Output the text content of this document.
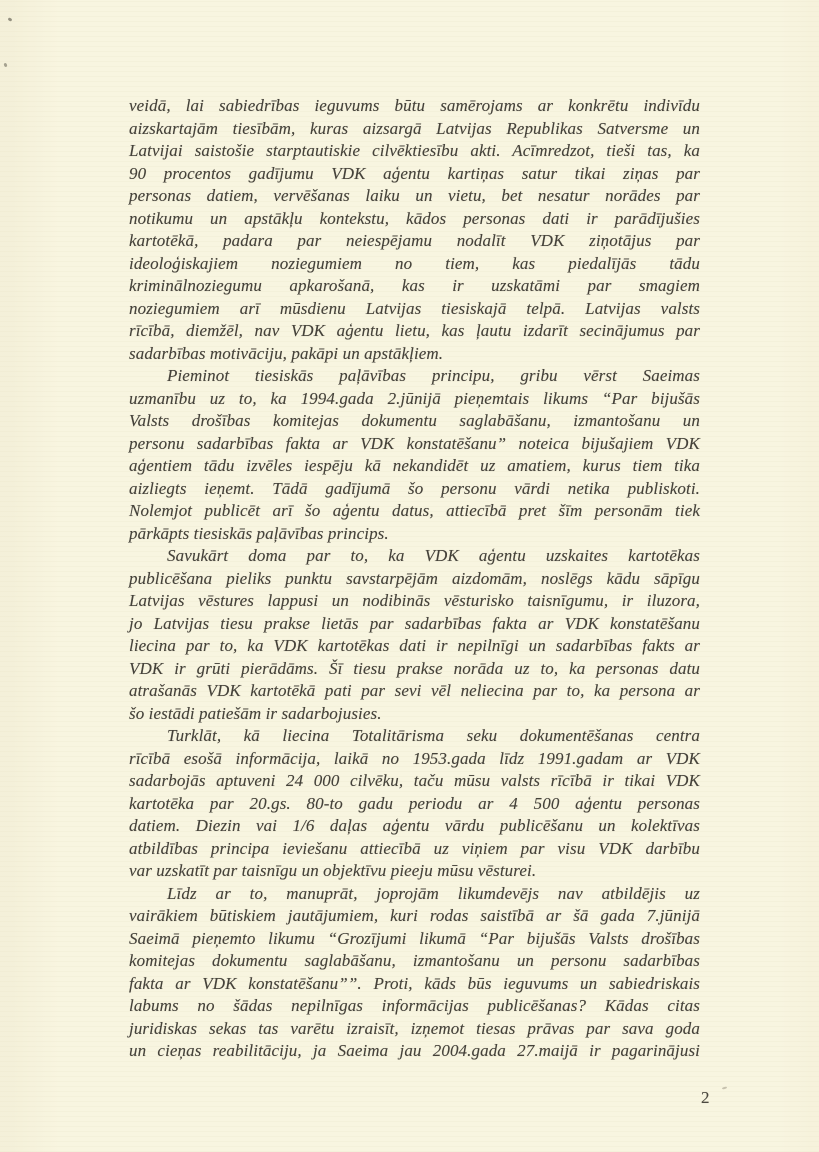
veidā, lai sabiedrības ieguvums būtu samērojams ar konkrētu indivīdu
aizskartajām tiesībām, kuras aizsargā Latvijas Republikas Satversme un
Latvijai saistošie starptautiskie cilvēktiesību akti. Acīmredzot, tieši tas, ka
90 procentos gadījumu VDK aģentu kartiņas satur tikai ziņas par
personas datiem, vervēšanas laiku un vietu, bet nesatur norādes par
notikumu un apstākļu kontekstu, kādos personas dati ir parādījušies
kartotēkā, padara par neiespējamu nodalīt VDK ziņotājus par
ideoloģiskajiem noziegumiem no tiem, kas piedalījās tādu
kriminālnoziegumu apkarošanā, kas ir uzskatāmi par smagiem
noziegumiem arī mūsdienu Latvijas tiesiskajā telpā. Latvijas valsts
rīcībā, diemžēl, nav VDK aģentu lietu, kas ļautu izdarīt secinājumus par
sadarbības motivāciju, pakāpi un apstākļiem.
Pieminot tiesiskās paļāvības principu, gribu vērst Saeimas
uzmanību uz to, ka 1994.gada 2.jūnijā pieņemtais likums “Par bijušās
Valsts drošības komitejas dokumentu saglabāšanu, izmantošanu un
personu sadarbības fakta ar VDK konstatēšanu” noteica bijušajiem VDK
aģentiem tādu izvēles iespēju kā nekandidēt uz amatiem, kurus tiem tika
aizliegts ieņemt. Tādā gadījumā šo personu vārdi netika publiskoti.
Nolemjot publicēt arī šo aģentu datus, attiecībā pret šīm personām tiek
pārkāpts tiesiskās paļāvības princips.
Savukārt doma par to, ka VDK aģentu uzskaites kartotēkas
publicēšana pieliks punktu savstarpējām aizdomām, noslēgs kādu sāpīgu
Latvijas vēstures lappusi un nodibinās vēsturisko taisnīgumu, ir iluzora,
jo Latvijas tiesu prakse lietās par sadarbības fakta ar VDK konstatēšanu
liecina par to, ka VDK kartotēkas dati ir nepilnīgi un sadarbības fakts ar
VDK ir grūti pierādāms. Šī tiesu prakse norāda uz to, ka personas datu
atrašanās VDK kartotēkā pati par sevi vēl neliecina par to, ka persona ar
šo iestādi patiešām ir sadarbojusies.
Turklāt, kā liecina Totalitārisma seku dokumentēšanas centra
rīcībā esošā informācija, laikā no 1953.gada līdz 1991.gadam ar VDK
sadarbojās aptuveni 24 000 cilvēku, taču mūsu valsts rīcībā ir tikai VDK
kartotēka par 20.gs. 80-to gadu periodu ar 4 500 aģentu personas
datiem. Diezin vai 1/6 daļas aģentu vārdu publicēšanu un kolektīvas
atbildības principa ieviešanu attiecībā uz viņiem par visu VDK darbību
var uzskatīt par taisnīgu un objektīvu pieeju mūsu vēsturei.
Līdz ar to, manuprāt, joprojām likumdevējs nav atbildējis uz
vairākiem būtiskiem jautājumiem, kuri rodas saistībā ar šā gada 7.jūnijā
Saeimā pieņemto likumu “Grozījumi likumā “Par bijušās Valsts drošības
komitejas dokumentu saglabāšanu, izmantošanu un personu sadarbības
fakta ar VDK konstatēšanu””. Proti, kāds būs ieguvums un sabiedriskais
labums no šādas nepilnīgas informācijas publicēšanas? Kādas citas
juridiskas sekas tas varētu izraisīt, izņemot tiesas prāvas par sava goda
un cieņas reabilitāciju, ja Saeima jau 2004.gada 27.maijā ir pagarinājusi
2
